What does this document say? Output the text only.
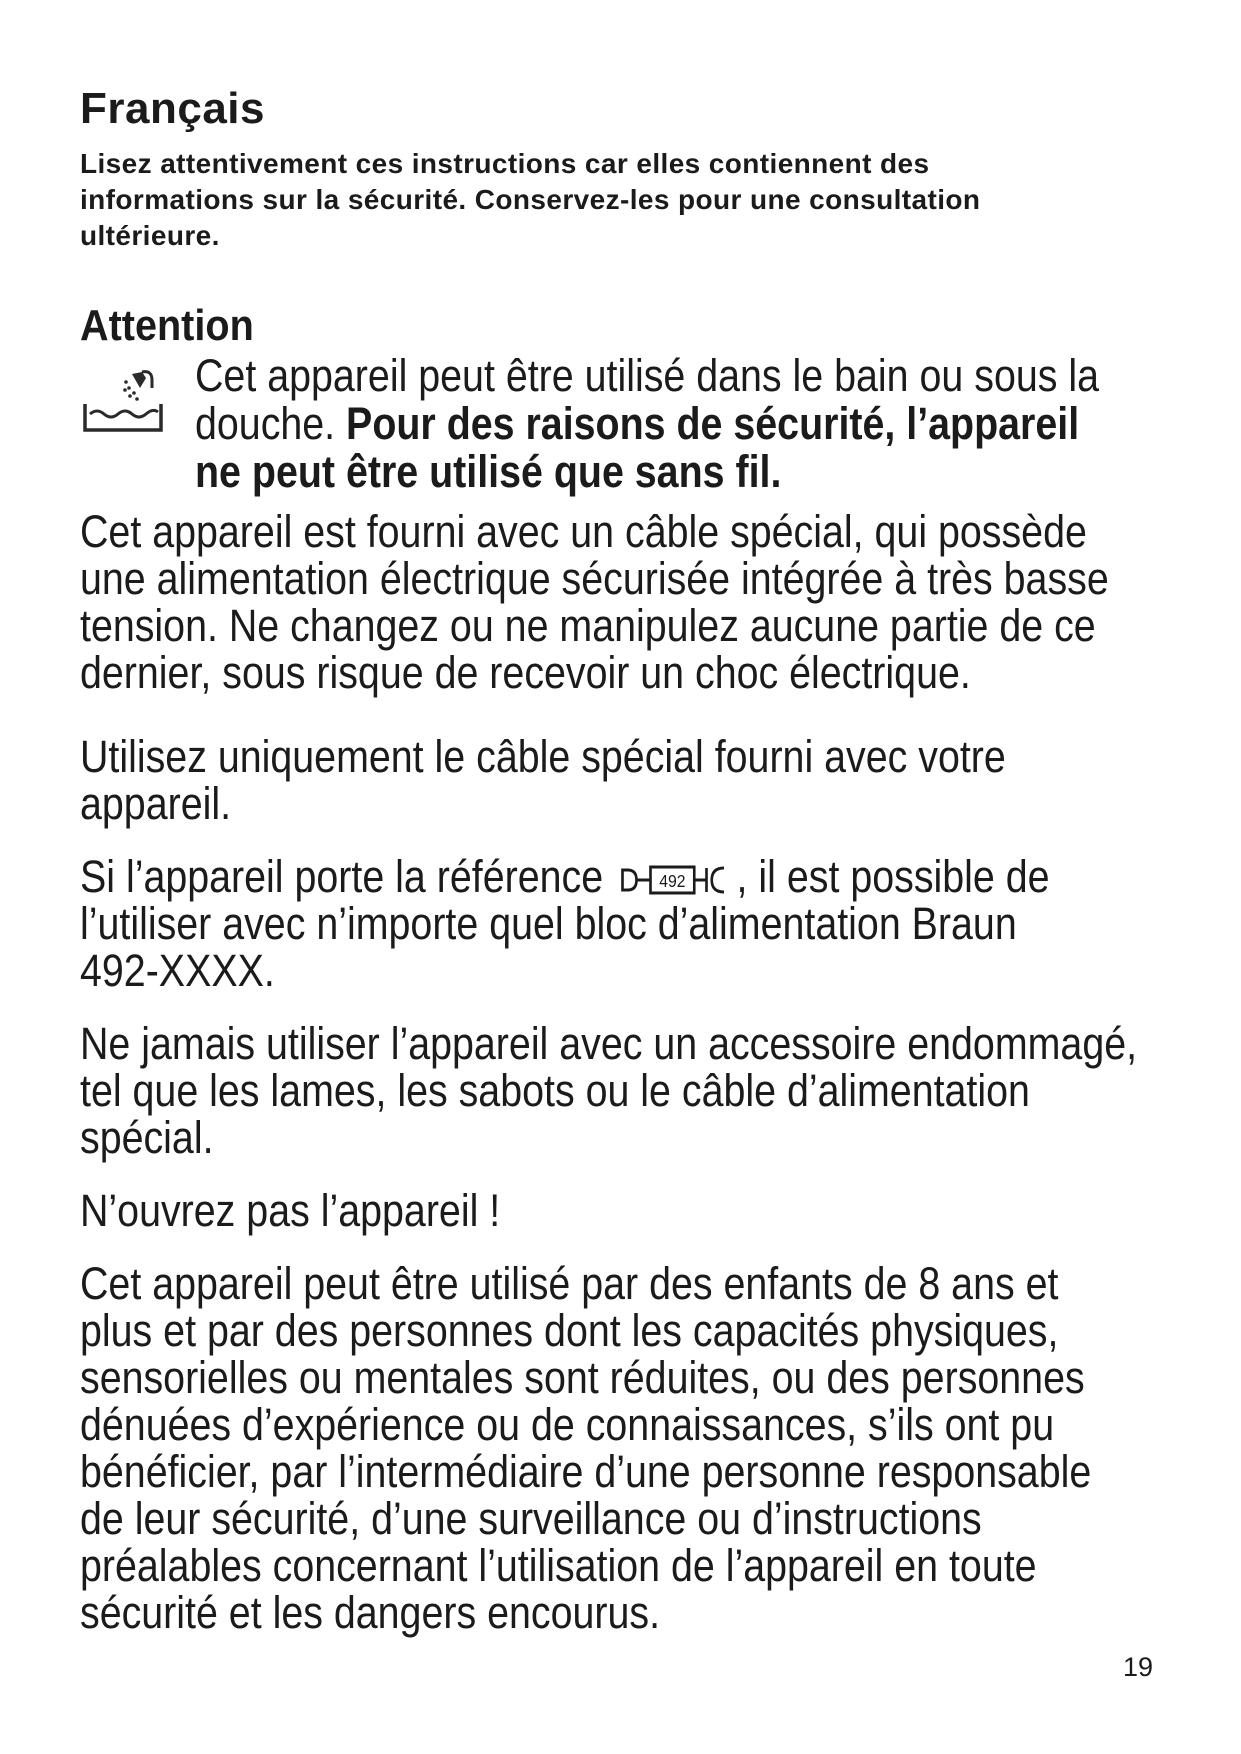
Français

Lisez attentivement ces instructions car elles contiennent des
informations sur la sécurité. Conservez-les pour une consultation
ultérieure.

Attention

Cet appareil peut être utilisé dans le bain ou sous la
douche. Pour des raisons de sécurité, l’appareil
ne peut être utilisé que sans fil.

Cet appareil est fourni avec un câble spécial, qui possède
une alimentation électrique sécurisée intégrée à très basse
tension. Ne changez ou ne manipulez aucune partie de ce
dernier, sous risque de recevoir un choc électrique.

Utilisez uniquement le câble spécial fourni avec votre
appareil.

Si l’appareil porte la référence	492 , il est possible de
l’utiliser avec n’importe quel bloc d’alimentation Braun
492-XXXX.

Ne jamais utiliser l’appareil avec un accessoire endommagé,
tel que les lames, les sabots ou le câble d’alimentation
spécial.

N’ouvrez pas l’appareil !

Cet appareil peut être utilisé par des enfants de 8 ans et
plus et par des personnes dont les capacités physiques,
sensorielles ou mentales sont réduites, ou des personnes
dénuées d’expérience ou de connaissances, s’ils ont pu
bénéficier, par l’intermédiaire d’une personne responsable
de leur sécurité, d’une surveillance ou d’instructions
préalables concernant l’utilisation de l’appareil en toute
sécurité et les dangers encourus.

19
